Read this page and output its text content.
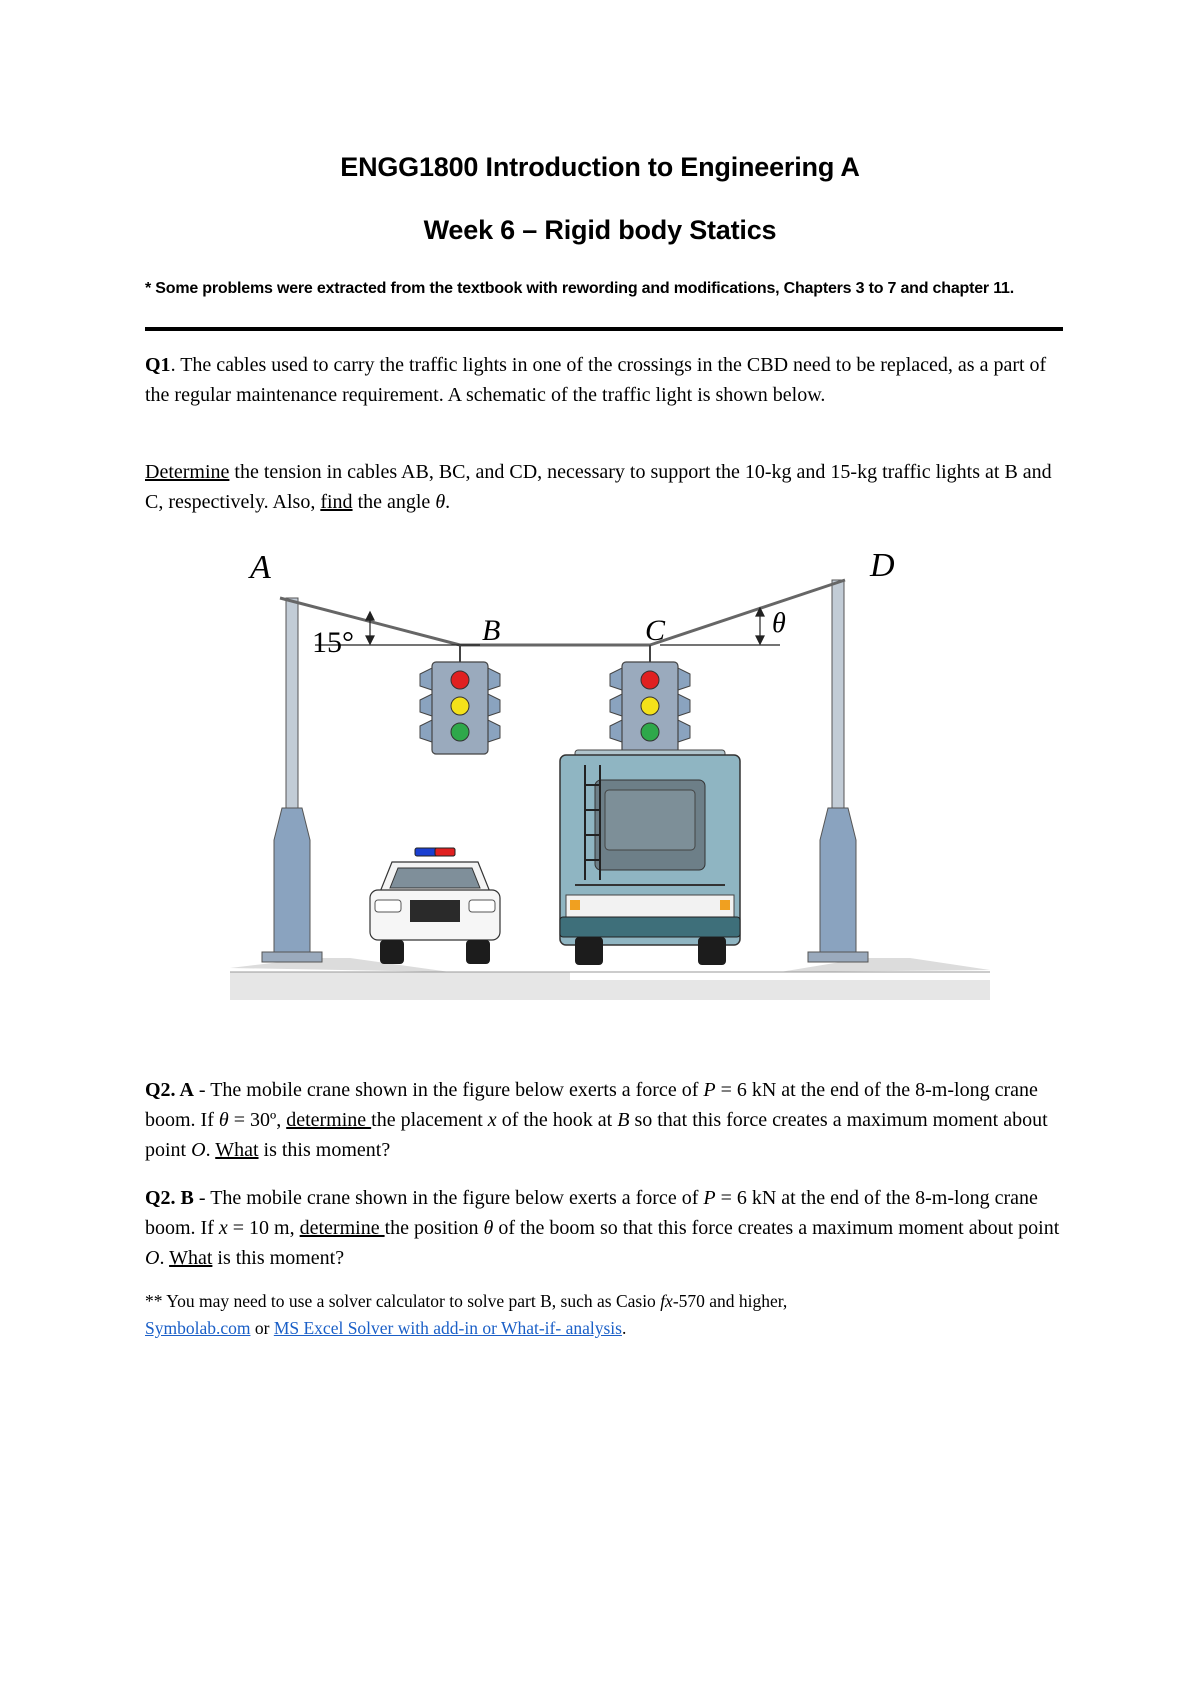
ENGG1800 Introduction to Engineering A
Week 6 – Rigid body Statics
* Some problems were extracted from the textbook with rewording and modifications, Chapters 3 to 7 and chapter 11.

Q1. The cables used to carry the traffic lights in one of the crossings in the CBD need to be replaced, as a part of the regular maintenance requirement. A schematic of the traffic light is shown below.

Determine the tension in cables AB, BC, and CD, necessary to support the 10-kg and 15-kg traffic lights at B and C, respectively. Also, find the angle θ.

A
B	C
D
15°
θ

Q2. A - The mobile crane shown in the figure below exerts a force of P = 6 kN at the end of the 8-m-long crane boom. If θ = 30º, determine the placement x of the hook at B so that this force creates a maximum moment about point O. What is this moment?

Q2. B - The mobile crane shown in the figure below exerts a force of P = 6 kN at the end of the 8-m-long crane boom. If x = 10 m, determine the position θ of the boom so that this force creates a maximum moment about point O. What is this moment?

** You may need to use a solver calculator to solve part B, such as Casio fx-570 and higher,
Symbolab.com or MS Excel Solver with add-in or What-if- analysis.
